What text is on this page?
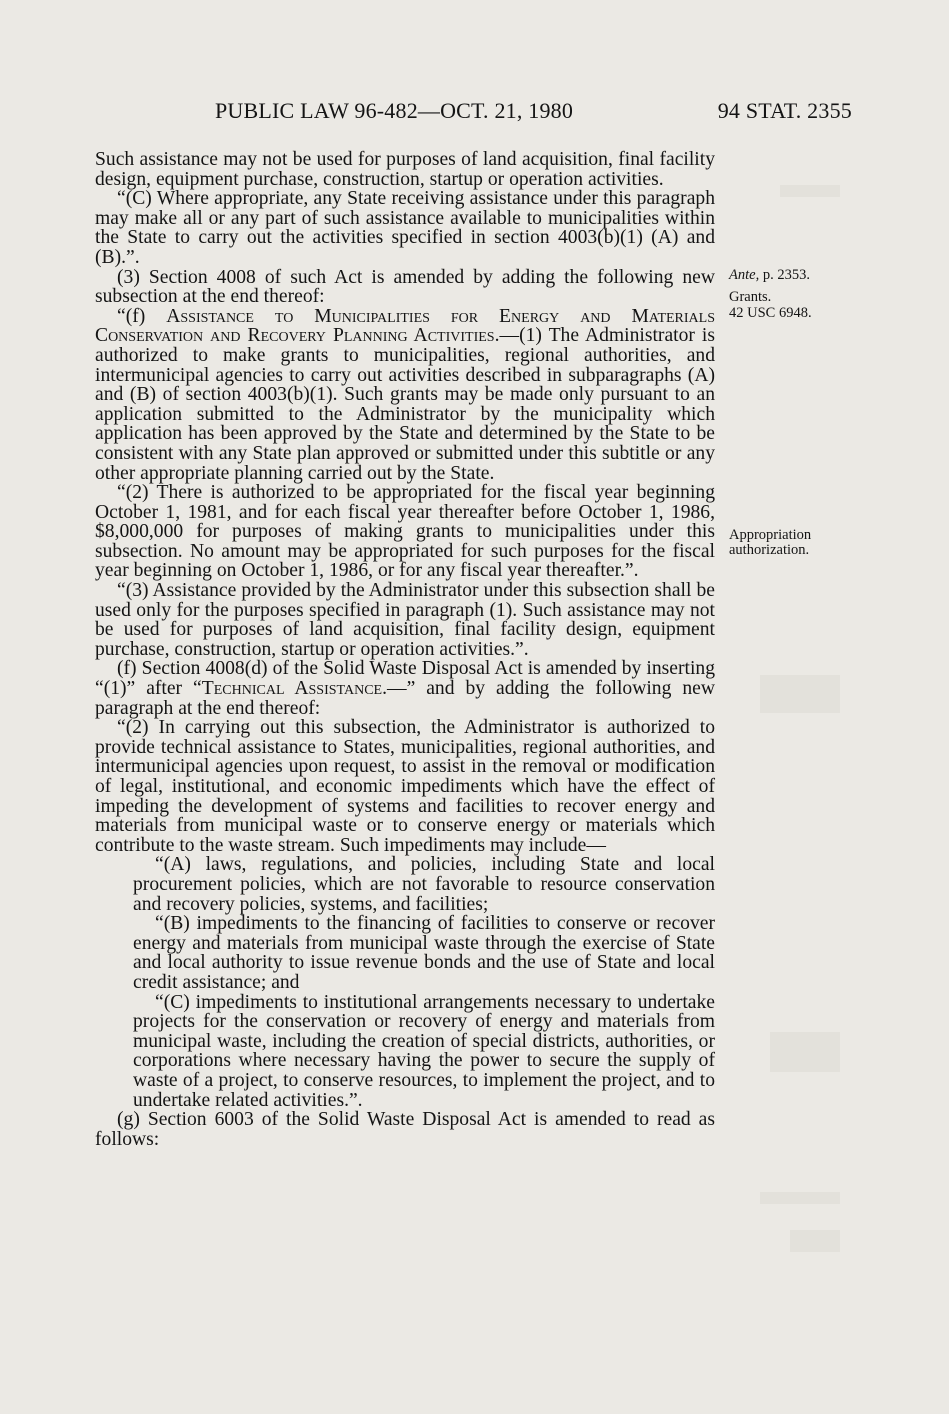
PUBLIC LAW 96-482—OCT. 21, 1980	94 STAT. 2355

Such assistance may not be used for purposes of land acquisition, final facility design, equipment purchase, construction, startup or operation activities.

“(C) Where appropriate, any State receiving assistance under this paragraph may make all or any part of such assistance available to municipalities within the State to carry out the activities specified in section 4003(b)(1) (A) and (B).”.

(3) Section 4008 of such Act is amended by adding the following new subsection at the end thereof:

“(f) Assistance to Municipalities for Energy and Materials Conservation and Recovery Planning Activities.—(1) The Administrator is authorized to make grants to municipalities, regional authorities, and intermunicipal agencies to carry out activities described in subparagraphs (A) and (B) of section 4003(b)(1). Such grants may be made only pursuant to an application submitted to the Administrator by the municipality which application has been approved by the State and determined by the State to be consistent with any State plan approved or submitted under this subtitle or any other appropriate planning carried out by the State.

“(2) There is authorized to be appropriated for the fiscal year beginning October 1, 1981, and for each fiscal year thereafter before October 1, 1986, $8,000,000 for purposes of making grants to municipalities under this subsection. No amount may be appropriated for such purposes for the fiscal year beginning on October 1, 1986, or for any fiscal year thereafter.”.

“(3) Assistance provided by the Administrator under this subsection shall be used only for the purposes specified in paragraph (1). Such assistance may not be used for purposes of land acquisition, final facility design, equipment purchase, construction, startup or operation activities.”.

(f) Section 4008(d) of the Solid Waste Disposal Act is amended by inserting “(1)” after “Technical Assistance.—” and by adding the following new paragraph at the end thereof:

“(2) In carrying out this subsection, the Administrator is authorized to provide technical assistance to States, municipalities, regional authorities, and intermunicipal agencies upon request, to assist in the removal or modification of legal, institutional, and economic impediments which have the effect of impeding the development of systems and facilities to recover energy and materials from municipal waste or to conserve energy or materials which contribute to the waste stream. Such impediments may include—

“(A) laws, regulations, and policies, including State and local procurement policies, which are not favorable to resource conservation and recovery policies, systems, and facilities;

“(B) impediments to the financing of facilities to conserve or recover energy and materials from municipal waste through the exercise of State and local authority to issue revenue bonds and the use of State and local credit assistance; and

“(C) impediments to institutional arrangements necessary to undertake projects for the conservation or recovery of energy and materials from municipal waste, including the creation of special districts, authorities, or corporations where necessary having the power to secure the supply of waste of a project, to conserve resources, to implement the project, and to undertake related activities.”.

(g) Section 6003 of the Solid Waste Disposal Act is amended to read as follows:

Ante, p. 2353.
Grants.
42 USC 6948.
Appropriation
authorization.
